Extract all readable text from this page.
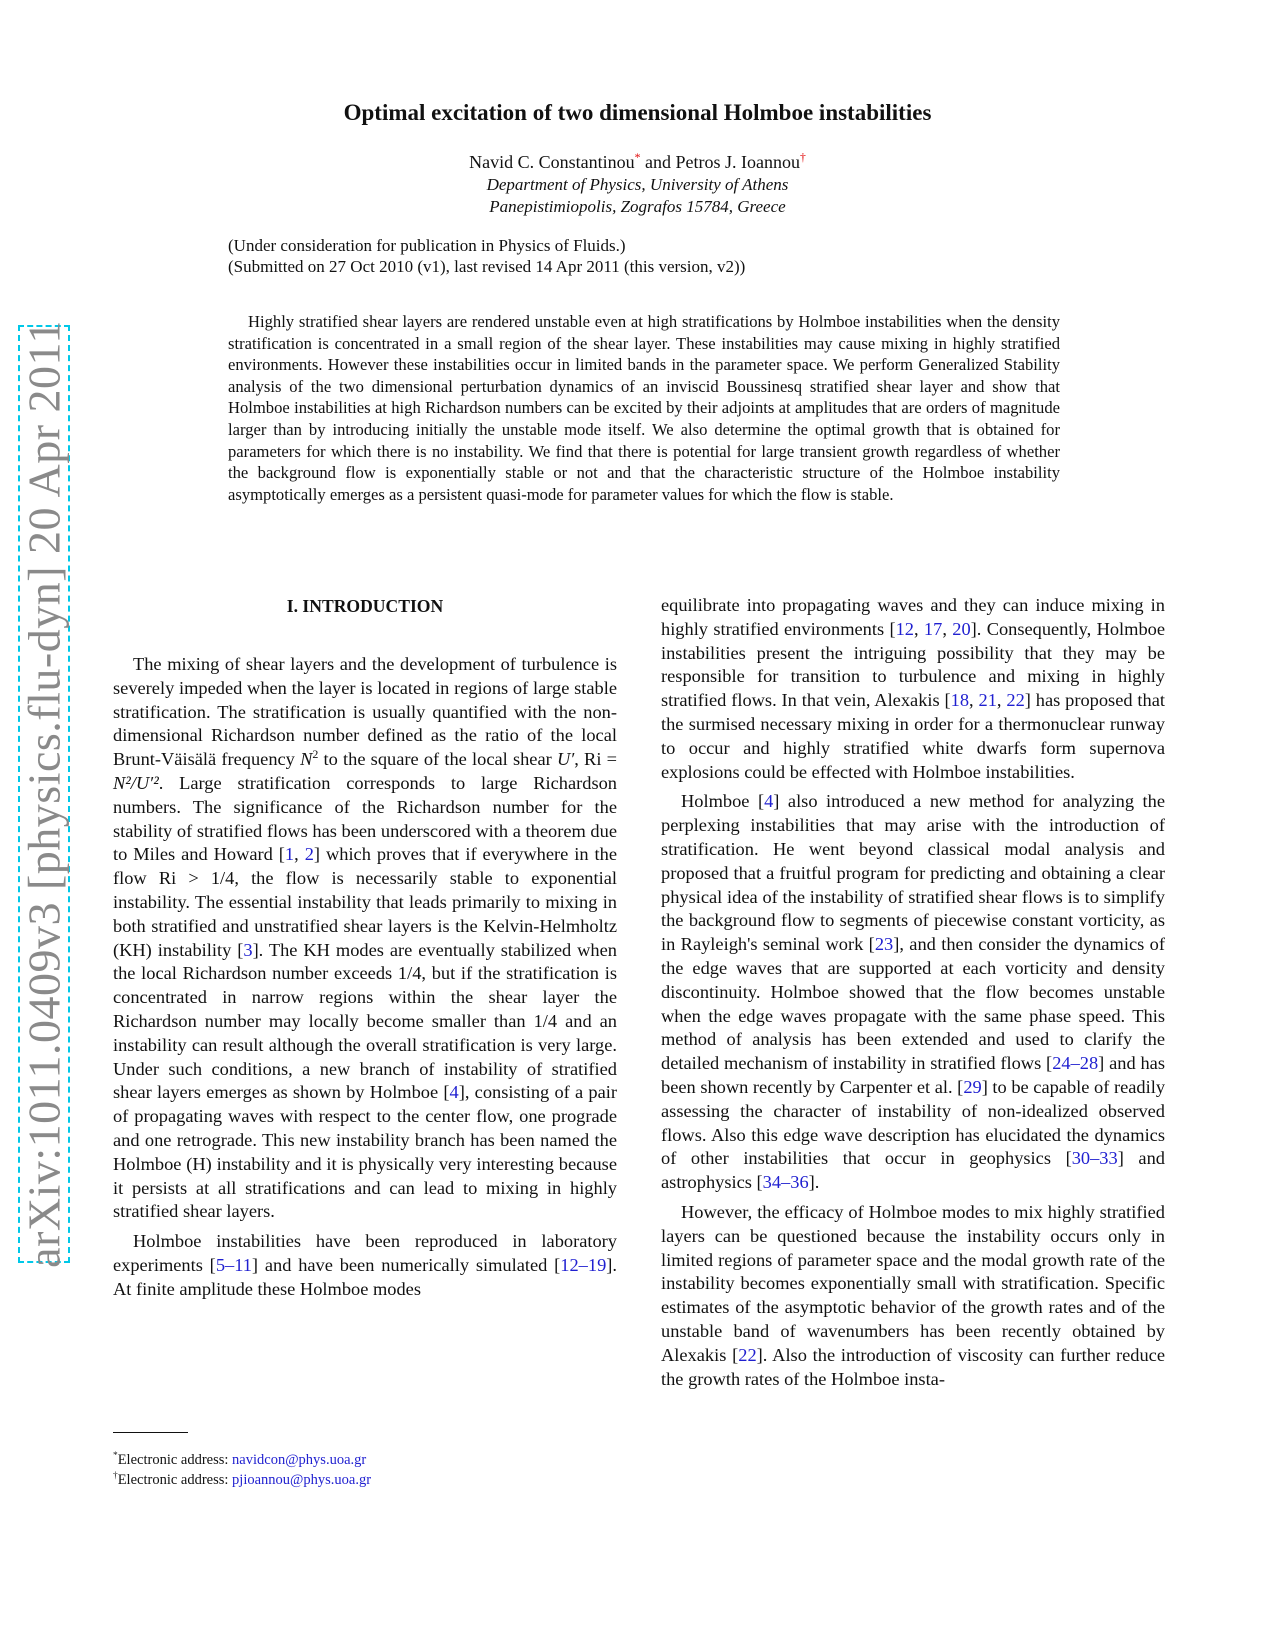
arXiv:1011.0409v3 [physics.flu-dyn] 20 Apr 2011
Optimal excitation of two dimensional Holmboe instabilities
Navid C. Constantinou* and Petros J. Ioannou†
Department of Physics, University of Athens
Panepistimiopolis, Zografos 15784, Greece
(Under consideration for publication in Physics of Fluids.)
(Submitted on 27 Oct 2010 (v1), last revised 14 Apr 2011 (this version, v2))
Highly stratified shear layers are rendered unstable even at high stratifications by Holmboe instabilities when the density stratification is concentrated in a small region of the shear layer. These instabilities may cause mixing in highly stratified environments. However these instabilities occur in limited bands in the parameter space. We perform Generalized Stability analysis of the two dimensional perturbation dynamics of an inviscid Boussinesq stratified shear layer and show that Holmboe instabilities at high Richardson numbers can be excited by their adjoints at amplitudes that are orders of magnitude larger than by introducing initially the unstable mode itself. We also determine the optimal growth that is obtained for parameters for which there is no instability. We find that there is potential for large transient growth regardless of whether the background flow is exponentially stable or not and that the characteristic structure of the Holmboe instability asymptotically emerges as a persistent quasi-mode for parameter values for which the flow is stable.
I. INTRODUCTION

The mixing of shear layers and the development of turbulence is severely impeded when the layer is located in regions of large stable stratification. The stratification is usually quantified with the non-dimensional Richardson number defined as the ratio of the local Brunt-Väisälä frequency $N^2$ to the square of the local shear U′, Ri = N²/U′². Large stratification corresponds to large Richardson numbers. The significance of the Richardson number for the stability of stratified flows has been underscored with a theorem due to Miles and Howard [1, 2] which proves that if everywhere in the flow Ri > 1/4, the flow is necessarily stable to exponential instability. The essential instability that leads primarily to mixing in both stratified and unstratified shear layers is the Kelvin-Helmholtz (KH) instability [3]. The KH modes are eventually stabilized when the local Richardson number exceeds 1/4, but if the stratification is concentrated in narrow regions within the shear layer the Richardson number may locally become smaller than 1/4 and an instability can result although the overall stratification is very large. Under such conditions, a new branch of instability of stratified shear layers emerges as shown by Holmboe [4], consisting of a pair of propagating waves with respect to the center flow, one prograde and one retrograde. This new instability branch has been named the Holmboe (H) instability and it is physically very interesting because it persists at all stratifications and can lead to mixing in highly stratified shear layers.

Holmboe instabilities have been reproduced in laboratory experiments [5–11] and have been numerically simulated [12–19]. At finite amplitude these Holmboe modes

equilibrate into propagating waves and they can induce mixing in highly stratified environments [12, 17, 20]. Consequently, Holmboe instabilities present the intriguing possibility that they may be responsible for transition to turbulence and mixing in highly stratified flows. In that vein, Alexakis [18, 21, 22] has proposed that the surmised necessary mixing in order for a thermonuclear runway to occur and highly stratified white dwarfs form supernova explosions could be effected with Holmboe instabilities.

Holmboe [4] also introduced a new method for analyzing the perplexing instabilities that may arise with the introduction of stratification. He went beyond classical modal analysis and proposed that a fruitful program for predicting and obtaining a clear physical idea of the instability of stratified shear flows is to simplify the background flow to segments of piecewise constant vorticity, as in Rayleigh's seminal work [23], and then consider the dynamics of the edge waves that are supported at each vorticity and density discontinuity. Holmboe showed that the flow becomes unstable when the edge waves propagate with the same phase speed. This method of analysis has been extended and used to clarify the detailed mechanism of instability in stratified flows [24–28] and has been shown recently by Carpenter et al. [29] to be capable of readily assessing the character of instability of non-idealized observed flows. Also this edge wave description has elucidated the dynamics of other instabilities that occur in geophysics [30–33] and astrophysics [34–36].

However, the efficacy of Holmboe modes to mix highly stratified layers can be questioned because the instability occurs only in limited regions of parameter space and the modal growth rate of the instability becomes exponentially small with stratification. Specific estimates of the asymptotic behavior of the growth rates and of the unstable band of wavenumbers has been recently obtained by Alexakis [22]. Also the introduction of viscosity can further reduce the growth rates of the Holmboe insta-

*Electronic address: navidcon@phys.uoa.gr
†Electronic address: pjioannou@phys.uoa.gr
